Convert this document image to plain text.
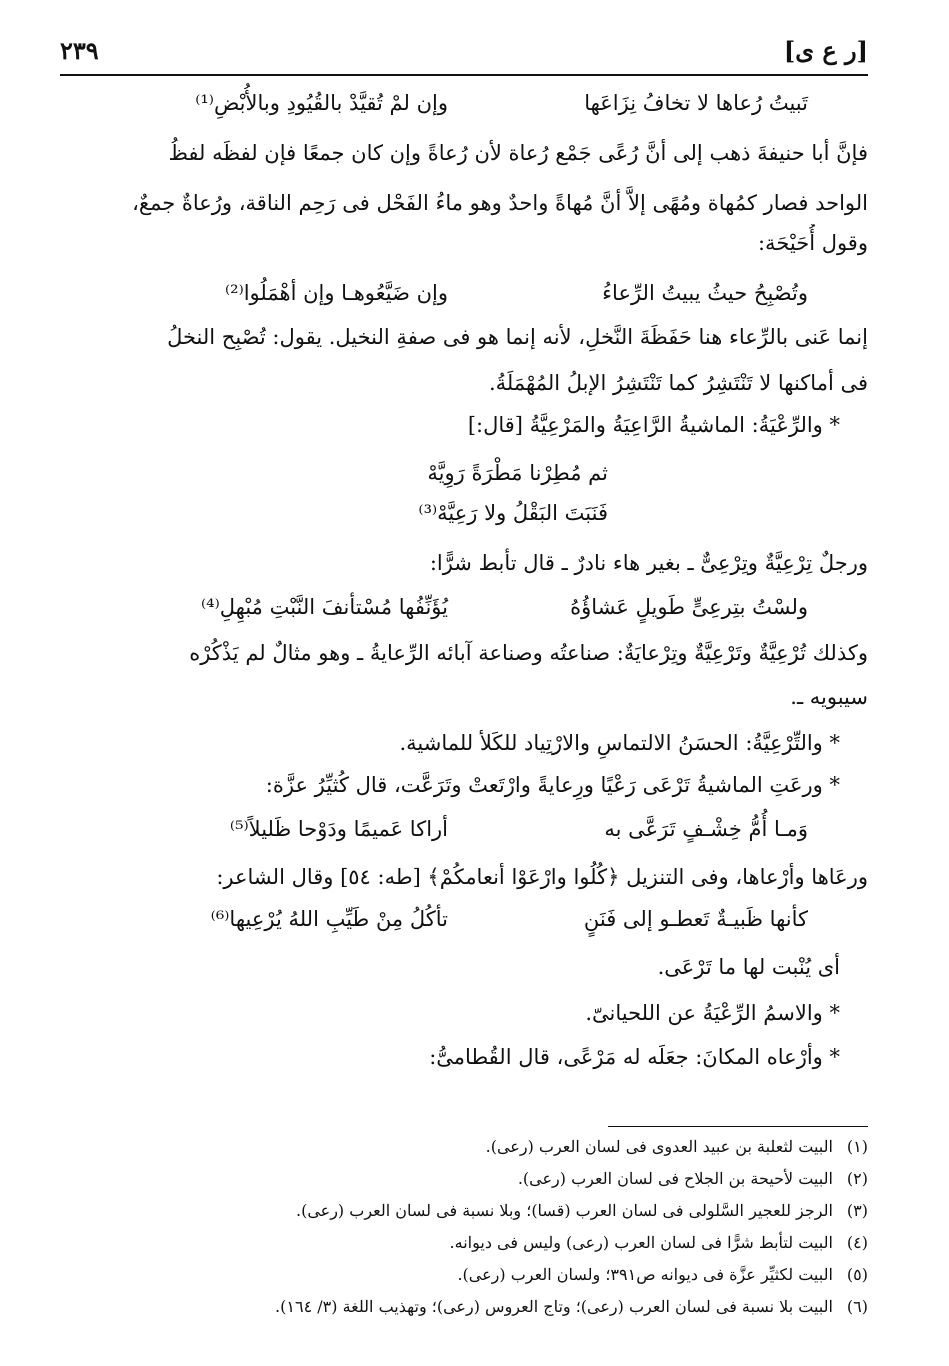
[ر ع ى]
٢٣٩
تَبيتُ رُعاها لا تخافُ نِزَاعَها
وإن لمْ تُقيَّدْ بالقُيُودِ وبالأُبْضِ⁽¹⁾
فإنَّ أبا حنيفةَ ذهب إلى أنَّ رُعًى جَمْع رُعاة لأن رُعاةً وإن كان جمعًا فإن لفظَه لفظُ
الواحد فصار كمُهاة ومُهًى إلاَّ أنَّ مُهاةً واحدٌ وهو ماءُ الفَحْل فى رَحِم الناقة، ورُعاةٌ جمعٌ،
وقول أُحَيْحَة:
وتُصْبِحُ حيثُ يبيتُ الرِّعاءُ
وإن ضَيَّعُوهـا وإن أهْمَلُوا⁽²⁾
إنما عَنى بالرِّعاء هنا حَفَظَةَ النَّخلِ، لأنه إنما هو فى صفةِ النخيل. يقول: تُصْبِح النخلُ
فى أماكنها لا تَنْتَشِرُ كما تَنْتَشِرُ الإبلُ المُهْمَلَةُ.
* والرِّعْيَةُ: الماشيةُ الرَّاعِيَةُ والمَرْعِيَّةُ [قال:]
ثم مُطِرْنا مَطْرَةً رَوِيَّهْ
فَنَبَتَ البَقْلُ ولا رَعِيَّهْ⁽³⁾
ورجلٌ تِرْعِيَّةٌ وتِرْعِىٌّ ـ بغير هاء نادرٌ ـ قال تأبط شرًّا:
ولسْتُ بتِرعِىٍّ طَويلٍ عَشاؤُهُ
يُؤَنِّفُها مُسْتأنفَ النَّبْتِ مُبْهِلِ⁽⁴⁾
وكذلك تُرْعِيَّةٌ وتَرْعِيَّةٌ وتِرْعايَةٌ: صناعتُه وصناعة آبائه الرِّعايةُ ـ وهو مثالٌ لم يَذْكُرْه
سيبويه ـ.
* والتِّرْعِيَّةُ: الحسَنُ الالتماسِ والارْتِياد للكَلأ للماشية.
* ورعَتِ الماشيةُ تَرْعَى رَعْيًا ورِعايةً وارْتَعتْ وتَرَعَّت، قال كُثيِّرُ عزَّة:
وَمـا أُمُّ خِشْـفٍ تَرَعَّى به
أراكا عَميمًا ودَوْحا ظَليلاً⁽⁵⁾
ورعَاها وأرْعاها، وفى التنزيل ﴿كُلُوا وارْعَوْا أنعامكُمْ﴾ [طه: ٥٤] وقال الشاعر:
كأنها ظَبيـةٌ تَعطـو إلى فَنَنٍ
تأكُلُ مِنْ طَيِّبِ اللهُ يُرْعِيها⁽⁶⁾
أى يُنْبت لها ما تَرْعَى.
* والاسمُ الرِّعْيَةُ عن اللحيانىّ.
* وأرْعاه المكانَ: جعَلَه له مَرْعًى، قال القُطامىُّ:
(١) البيت لثعلبة بن عبيد العدوى فى لسان العرب (رعى).
(٢) البيت لأحيحة بن الجلاح فى لسان العرب (رعى).
(٣) الرجز للعجير السَّلولى فى لسان العرب (قسا)؛ وبلا نسبة فى لسان العرب (رعى).
(٤) البيت لتأبط شرًّا فى لسان العرب (رعى) وليس فى ديوانه.
(٥) البيت لكثيِّر عزَّة فى ديوانه ص٣٩١؛ ولسان العرب (رعى).
(٦) البيت بلا نسبة فى لسان العرب (رعى)؛ وتاج العروس (رعى)؛ وتهذيب اللغة (٣/ ١٦٤).
